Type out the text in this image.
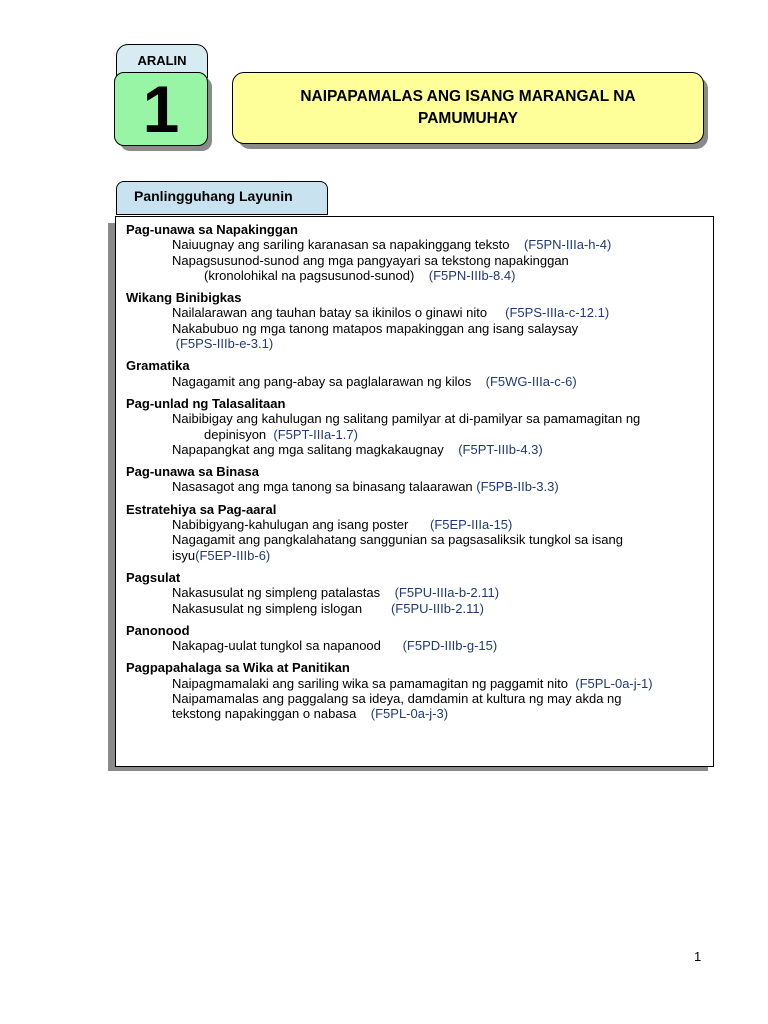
ARALIN
1	NAIPAPAMALAS ANG ISANG MARANGAL NA PAMUMUHAY
Panlingguhang Layunin
Pag-unawa sa Napakinggan
Naiuugnay ang sariling karanasan sa napakinggang teksto (F5PN-IIIa-h-4)
Napagsusunod-sunod ang mga pangyayari sa tekstong napakinggan
(kronolohikal na pagsusunod-sunod) (F5PN-IIIb-8.4)
Wikang Binibigkas
Nailalarawan ang tauhan batay sa ikinilos o ginawi nito (F5PS-IIIa-c-12.1)
Nakabubuo ng mga tanong matapos mapakinggan ang isang salaysay
(F5PS-IIIb-e-3.1)
Gramatika
Nagagamit ang pang-abay sa paglalarawan ng kilos (F5WG-IIIa-c-6)
Pag-unlad ng Talasalitaan
Naibibigay ang kahulugan ng salitang pamilyar at di-pamilyar sa pamamagitan ng
depinisyon (F5PT-IIIa-1.7)
Napapangkat ang mga salitang magkakaugnay (F5PT-IIIb-4.3)
Pag-unawa sa Binasa
Nasasagot ang mga tanong sa binasang talaarawan (F5PB-IIb-3.3)
Estratehiya sa Pag-aaral
Nabibigyang-kahulugan ang isang poster (F5EP-IIIa-15)
Nagagamit ang pangkalahatang sanggunian sa pagsasaliksik tungkol sa isang
isyu(F5EP-IIIb-6)
Pagsulat
Nakasusulat ng simpleng patalastas (F5PU-IIIa-b-2.11)
Nakasusulat ng simpleng islogan (F5PU-IIIb-2.11)
Panonood
Nakapag-uulat tungkol sa napanood (F5PD-IIIb-g-15)
Pagpapahalaga sa Wika at Panitikan
Naipagmamalaki ang sariling wika sa pamamagitan ng paggamit nito (F5PL-0a-j-1)
Naipamamalas ang paggalang sa ideya, damdamin at kultura ng may akda ng
tekstong napakinggan o nabasa (F5PL-0a-j-3)
1
